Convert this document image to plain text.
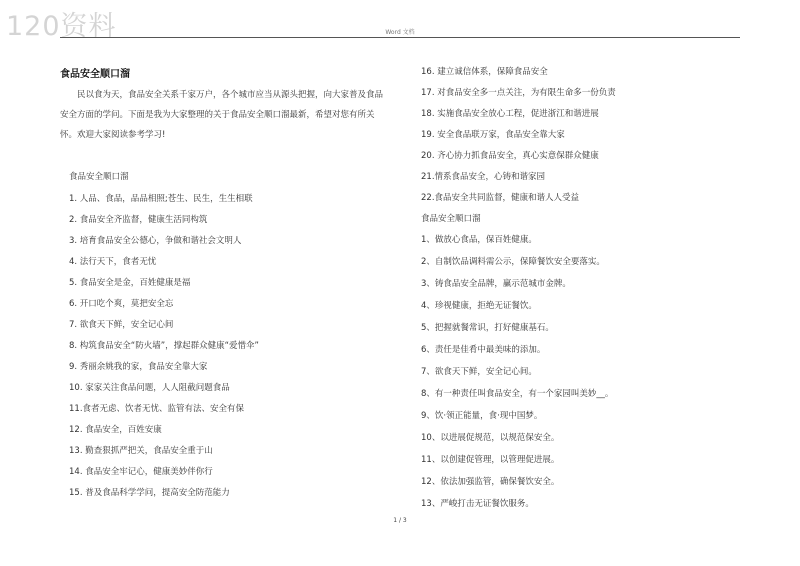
120资料	Word 文档
食品安全顺口溜

民以食为天，食品安全关系千家万户，各个城市应当从源头把握，向大家普及食品安全方面的学问。下面是我为大家整理的关于食品安全顺口溜最新，希望对您有所关怀。欢迎大家阅读参考学习!

食品安全顺口溜
1. 人品、食品，品品相照;苍生、民生，生生相联
2. 食品安全齐监督，健康生活同构筑
3. 培育食品安全公德心，争做和谐社会文明人
4. 法行天下，食者无忧
5. 食品安全是金，百姓健康是福
6. 开口吃个爽，莫把安全忘
7. 欲食天下鲜，安全记心间
8. 构筑食品安全“防火墙”，撑起群众健康“爱惜伞”
9. 秀丽余姚我的家，食品安全靠大家
10. 家家关注食品问题，人人阻截问题食品
11.食者无虑、饮者无忧、监管有法、安全有保
12. 食品安全，百姓安康
13. 勤查狠抓严把关，食品安全重于山
14. 食品安全牢记心，健康美妙伴你行
15. 普及食品科学学问，提高安全防范能力
16. 建立诚信体系，保障食品安全
17. 对食品安全多一点关注，为有限生命多一份负责
18. 实施食品安全放心工程，促进浙江和谐进展
19. 安全食品联万家，食品安全靠大家
20. 齐心协力抓食品安全，真心实意保群众健康
21.情系食品安全，心铸和谐家园
22.食品安全共同监督，健康和谐人人受益
食品安全顺口溜
1、做放心食品，保百姓健康。
2、自制饮品调料需公示，保障餐饮安全要落实。
3、铸食品安全品牌，赢示范城市金牌。
4、珍视健康，拒绝无证餐饮。
5、把握就餐常识，打好健康基石。
6、责任是佳肴中最美味的添加。
7、欲食天下鲜，安全记心间。
8、有一种责任叫食品安全，有一个家园叫美妙__。
9、饮·领正能量，食·现中国梦。
10、以进展促规范，以规范保安全。
11、以创建促管理，以管理促进展。
12、依法加强监管，确保餐饮安全。
13、严峻打击无证餐饮服务。
1 / 3
